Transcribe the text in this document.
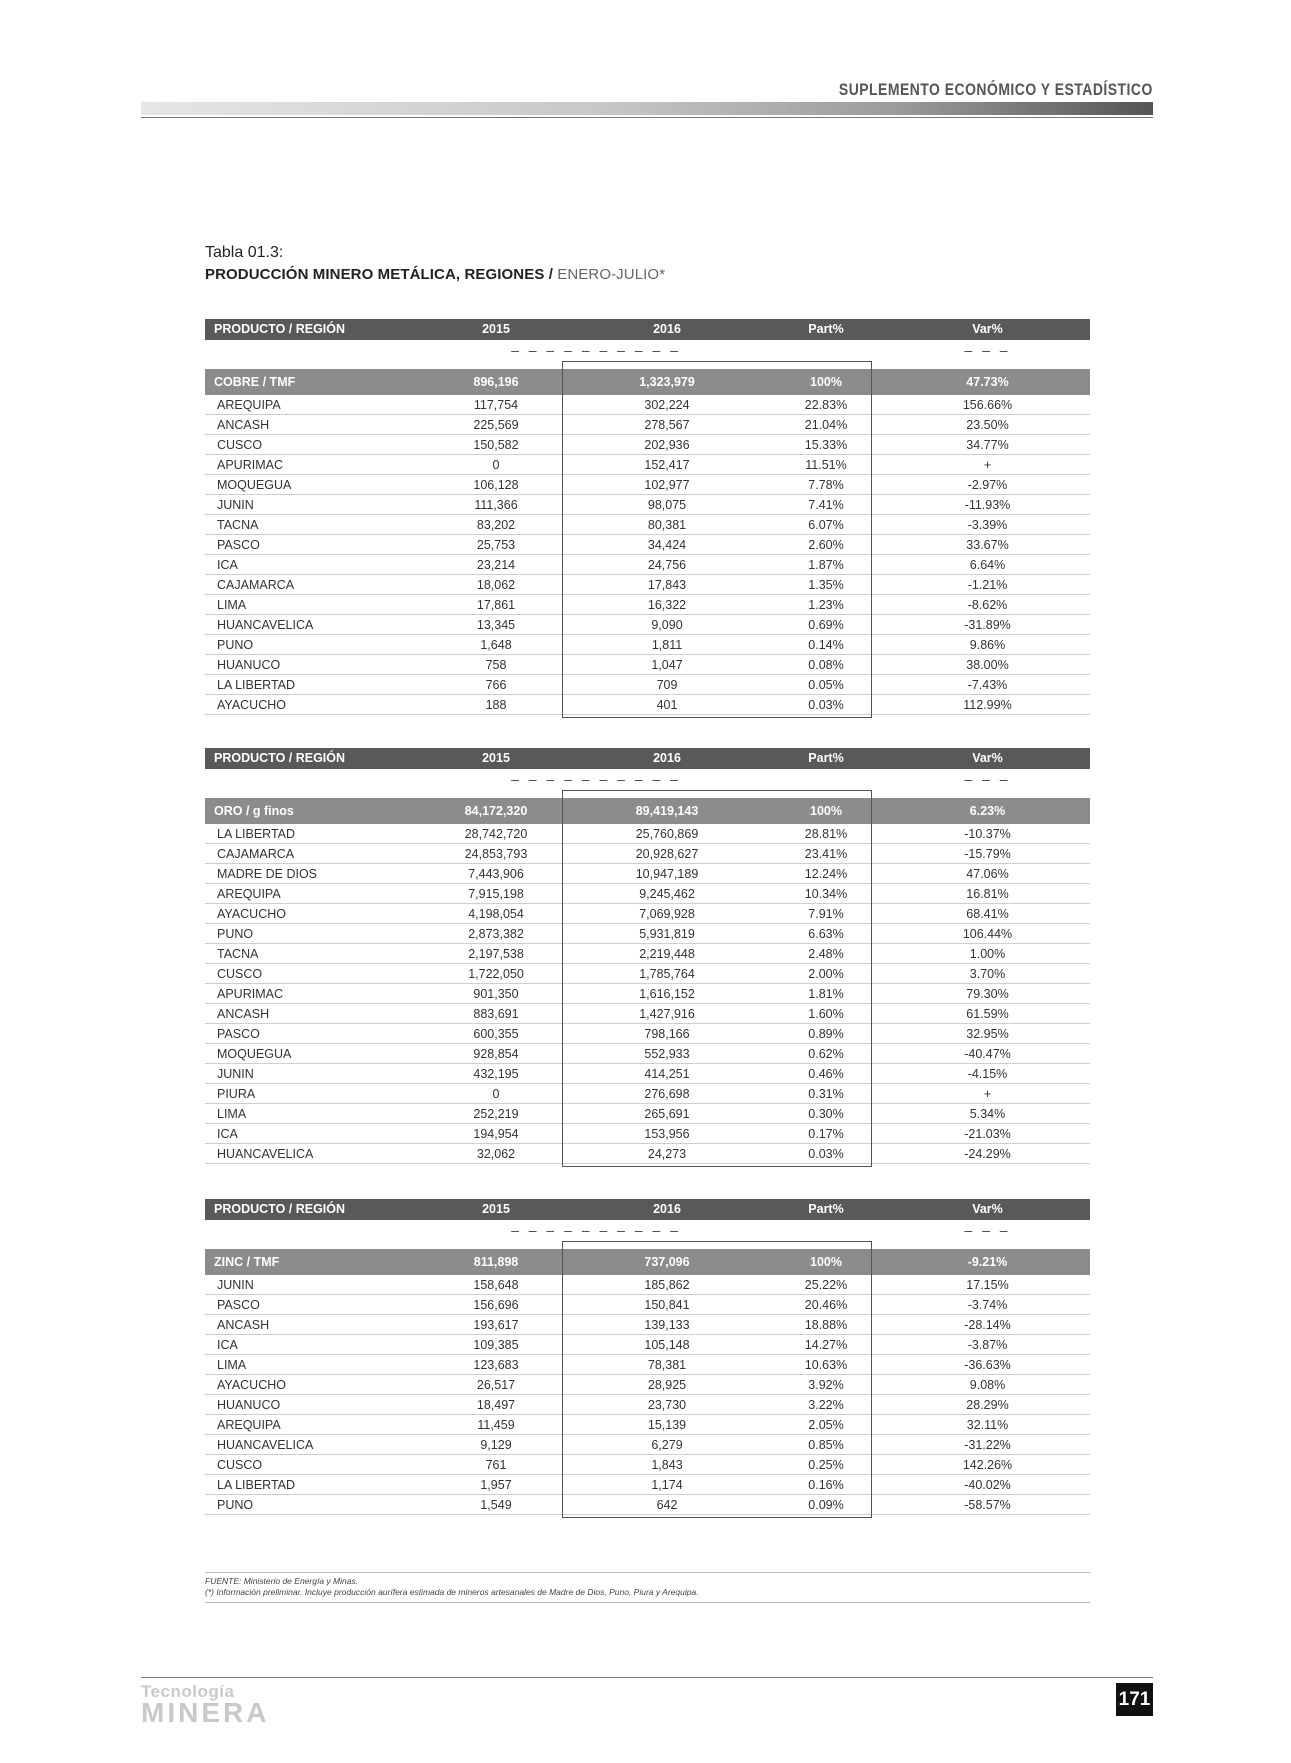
SUPLEMENTO ECONÓMICO Y ESTADÍSTICO
Tabla 01.3:
PRODUCCIÓN MINERO METÁLICA, REGIONES / ENERO-JULIO*
PRODUCTO / REGIÓN	2015	2016	Part%	Var%
– – – – – – – – – –	– – –
COBRE / TMF	896,196	1,323,979	100%	47.73%
AREQUIPA	117,754	302,224	22.83%	156.66%
ANCASH	225,569	278,567	21.04%	23.50%
CUSCO	150,582	202,936	15.33%	34.77%
APURIMAC	0	152,417	11.51%	+
MOQUEGUA	106,128	102,977	7.78%	-2.97%
JUNIN	111,366	98,075	7.41%	-11.93%
TACNA	83,202	80,381	6.07%	-3.39%
PASCO	25,753	34,424	2.60%	33.67%
ICA	23,214	24,756	1.87%	6.64%
CAJAMARCA	18,062	17,843	1.35%	-1.21%
LIMA	17,861	16,322	1.23%	-8.62%
HUANCAVELICA	13,345	9,090	0.69%	-31.89%
PUNO	1,648	1,811	0.14%	9.86%
HUANUCO	758	1,047	0.08%	38.00%
LA LIBERTAD	766	709	0.05%	-7.43%
AYACUCHO	188	401	0.03%	112.99%
PRODUCTO / REGIÓN	2015	2016	Part%	Var%
– – – – – – – – – –	– – –
ORO / g finos	84,172,320	89,419,143	100%	6.23%
LA LIBERTAD	28,742,720	25,760,869	28.81%	-10.37%
CAJAMARCA	24,853,793	20,928,627	23.41%	-15.79%
MADRE DE DIOS	7,443,906	10,947,189	12.24%	47.06%
AREQUIPA	7,915,198	9,245,462	10.34%	16.81%
AYACUCHO	4,198,054	7,069,928	7.91%	68.41%
PUNO	2,873,382	5,931,819	6.63%	106.44%
TACNA	2,197,538	2,219,448	2.48%	1.00%
CUSCO	1,722,050	1,785,764	2.00%	3.70%
APURIMAC	901,350	1,616,152	1.81%	79.30%
ANCASH	883,691	1,427,916	1.60%	61.59%
PASCO	600,355	798,166	0.89%	32.95%
MOQUEGUA	928,854	552,933	0.62%	-40.47%
JUNIN	432,195	414,251	0.46%	-4.15%
PIURA	0	276,698	0.31%	+
LIMA	252,219	265,691	0.30%	5.34%
ICA	194,954	153,956	0.17%	-21.03%
HUANCAVELICA	32,062	24,273	0.03%	-24.29%
PRODUCTO / REGIÓN	2015	2016	Part%	Var%
– – – – – – – – – –	– – –
ZINC / TMF	811,898	737,096	100%	-9.21%
JUNIN	158,648	185,862	25.22%	17.15%
PASCO	156,696	150,841	20.46%	-3.74%
ANCASH	193,617	139,133	18.88%	-28.14%
ICA	109,385	105,148	14.27%	-3.87%
LIMA	123,683	78,381	10.63%	-36.63%
AYACUCHO	26,517	28,925	3.92%	9.08%
HUANUCO	18,497	23,730	3.22%	28.29%
AREQUIPA	11,459	15,139	2.05%	32.11%
HUANCAVELICA	9,129	6,279	0.85%	-31.22%
CUSCO	761	1,843	0.25%	142.26%
LA LIBERTAD	1,957	1,174	0.16%	-40.02%
PUNO	1,549	642	0.09%	-58.57%
FUENTE: Ministerio de Energía y Minas.
(*) Información preliminar. Incluye producción aurífera estimada de mineros artesanales de Madre de Dios, Puno, Piura y Arequipa.
Tecnología
MINERA	171
